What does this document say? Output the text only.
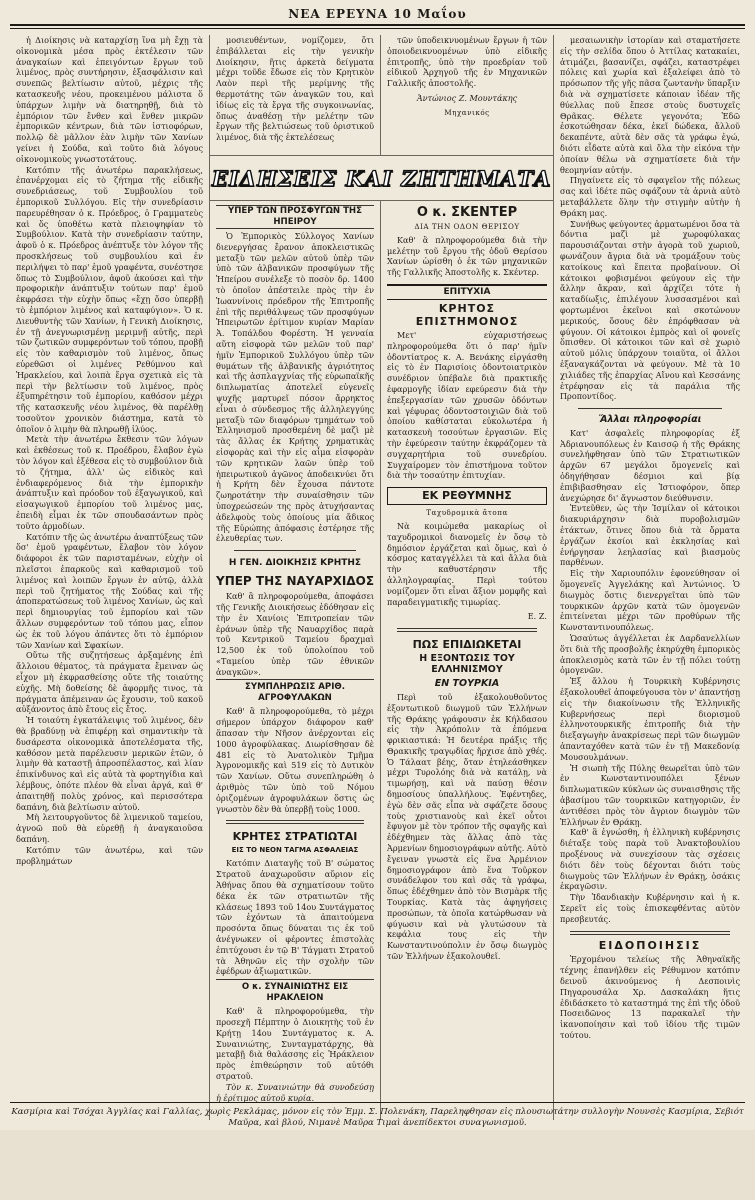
ΝΕΑ ΕΡΕΥΝΑ 10 Μαΐου

ἡ Διοίκησις νὰ καταρχίσῃ ἵνα μὴ ἔχῃ τὰ οἰκονομικὰ μέσα πρὸς ἐκτέλεσιν τῶν ἀναγκαίων καὶ ἐπειγόντων ἔργων τοῦ λιμένος, πρὸς συντήρησιν, ἐξασφάλισιν καὶ συνεπῶς βελτίωσιν αὐτοῦ, μέχρις τῆς κατασκευῆς νέου, προκειμένου μάλιστα ὅ ὑπάρχων λιμὴν νὰ διατηρηθῇ, διὰ τὸ ἐμπόριον τῶν ἔνθεν καὶ ἔνθεν μικρῶν ἐμπορικῶν κέντρων, διὰ τῶν ἱστιοφόρων, πολλῷ δὲ μᾶλλον ἐὰν λιμὴν τῶν Χανίων γείνει ἡ Σούδα, καὶ τοῦτο διὰ λόγους οἰκονομικοὺς γνωστοτάτους.

Κατόπιν τῆς ἀνωτέρω παρακλήσεως, ἐπανέρχομαι εἰς τὸ ζήτημα τῆς εἰδικῆς συνεδριάσεως, τοῦ Συμβουλίου τοῦ ἐμπορικοῦ Συλλόγου. Εἰς τὴν συνεδρίασιν παρευρέθησαν ὁ κ. Πρόεδρος, ὁ Γραμματεὺς καὶ ὅς ὑποθέτω κατὰ πλειοψηφίαν τὸ Συμβούλιον. Κατὰ τὴν συνεδρίασιν ταύτην, ἀφοῦ ὁ κ. Πρόεδρος ἀνέπτυξε τὸν λόγον τῆς προσκλήσεως τοῦ συμβουλίου καὶ ἐν περιλήψει τὸ παρ' ἐμοῦ γραφέντα, συνέστησε ὅπως τὸ Συμβούλιον, ἀφοῦ ἀκούσει καὶ τὴν προφορικὴν ἀνάπτυξιν τούτων παρ' ἐμοῦ ἐκφράσει τὴν εὐχὴν ὅπως «ἔχῃ ὅσο ὑπερβῇ τὸ ἐμπόριον λιμένος καὶ καταφύγιον». Ὁ κ. Διευθυντὴς τῶν Χανίων, ἡ Γενικὴ Διοίκησις, ἐν τῇ ἀνεγνωρισμένῃ μεριμνῇ αὐτῆς, περὶ τῶν ζωτικῶν συμφερόντων τοῦ τόπου, προβῇ εἰς τὸν καθαρισμὸν τοῦ λιμένος, ὅπως εὑρεθῶσι οἱ λιμένες Ρεθύμνου καὶ Ἡρακλείου, καὶ λοιπὰ ἔργα σχετικὰ εἰς τὰ περὶ τὴν βελτίωσιν τοῦ λιμένος, πρὸς ἐξυπηρέτησιν τοῦ ἐμπορίου, καθόσον μέχρι τῆς κατασκευῆς νέου λιμένος, θὰ παρέλθῃ τοσοῦτον χρονικὸν διάστημα, κατὰ τὸ ὁποῖον ὁ λιμὴν θὰ πληρωθῇ ἰλύος.

Μετὰ τὴν ἀνωτέρω ἔκθεσιν τῶν λόγων καὶ ἐκθέσεως τοῦ κ. Προέδρου, ἔλαβον ἐγὼ τὸν λόγον καὶ ἐξέθεσα εἰς τὸ συμβούλιον διὰ τὸ ζήτημα, ἀλλ' ὡς εἰδικὸς καὶ ἐνδιαφερόμενος διὰ τὴν ἐμπορικὴν ἀνάπτυξιν καὶ πρόοδον τοῦ ἐξαγωγικοῦ, καὶ εἰσαγωγικοῦ ἐμπορίου τοῦ λιμένος μας, ἐπειδὴ εἶμαι ἐκ τῶν σπουδασάντων πρὸς τοῦτο ἀρμοδίων.

Κατόπιν τῆς ὡς ἀνωτέρω ἀναπτύξεως τῶν ὅσ' ἐμοῦ γραφέντων, ἔλαβον τὸν λόγον διάφοροι ἐκ τῶν παρισταμένων, εὐχὴν οἱ πλεῖστοι ἐπαρκοῦς καὶ καθαρισμοῦ τοῦ λιμένος καὶ λοιπῶν ἔργων ἐν αὐτῷ, ἀλλὰ περὶ τοῦ ζητήματος τῆς Σούδας καὶ τῆς ἀποπερατώσεως τοῦ λιμένος Χανίων, ὡς καὶ περὶ δημιουργίας τοῦ ἐμπορίου καὶ τῶν ἄλλων συμφερόντων τοῦ τόπου μας, εἶπον ὡς ἐκ τοῦ λόγου ἀπάντες ὅτι τὸ ἐμπόριον τῶν Χανίων καὶ Σφακίων.

Οὕτω τῆς συζητήσεως ἀρξαμένης ἐπὶ ἄλλοιου θέματος, τὰ πράγματα ἔμειναν ὡς εἶχον μὴ ἐκφρασθείσης οὔτε τῆς τοιαύτης εὐχῆς. Μὴ δοθείσης δὲ ἀφορμῆς τινος, τὰ πράγματα ἀπέμειναν ὡς ἔχουσιν, τοῦ κακοῦ αὐξάνοντος ἀπὸ ἔτους εἰς ἔτος.

Ἡ τοιαύτη ἐγκατάλειψις τοῦ λιμένος, δὲν θὰ βραδύνῃ νὰ ἐπιφέρῃ καὶ σημαντικὴν τὰ δυσάρεστα οἰκονομικὰ ἀποτελέσματα τῆς, καθόσον μετὰ παρέλευσιν μερικῶν ἐτῶν, ὁ λιμὴν θὰ καταστῇ ἀπροσπέλαστος, καὶ λίαν ἐπικίνδυνος καὶ εἰς αὐτὰ τὰ φορτηγίδια καὶ λέμβους, ὁπότε πλέον θὰ εἶναι ἀργά, καὶ θ' ἀπαιτηθῇ πολὺς χρόνος, καὶ περισσότερα δαπάνη, διὰ βελτίωσιν αὐτοῦ.

Μὴ λειτουργοῦντος δὲ λιμενικοῦ ταμείου, ἀγνοῶ ποῦ θὰ εὑρεθῇ ἡ ἀναγκαιοῦσα δαπάνη.

Κατόπιν τῶν ἀνωτέρω, καὶ τῶν προβλημάτων

μοσιευθέντων, νομίζομεν, ὅτι ἐπιβάλλεται εἰς τὴν γενικὴν Διοίκησιν, ἥτις ἀρκετὰ δείγματα μέχρι τοῦδε ἔδωσε εἰς τὸν Κρητικὸν Λαὸν περὶ τῆς μερίμνης τῆς θερμοτάτης τῶν ἀναγκῶν του, καὶ ἰδίως εἰς τὰ ἔργα τῆς συγκοινωνίας, ὅπως ἀναθέσῃ τὴν μελέτην τῶν ἔργων τῆς βελτιώσεως τοῦ ὁριστικοῦ λιμένος, διὰ τῆς ἐκτελέσεως

τῶν ὑποδεικνυομένων ἔργων ἡ τῶν ὁποιοδεικνυομένων ὑπὸ εἰδικῆς ἐπιτροπῆς, ὑπὸ τὴν προεδρίαν τοῦ εἰδικοῦ Ἀρχηγοῦ τῆς ἐν Μηχανικῶν Γαλλικῆς ἀποστολῆς.

Ἀντώνιος Ζ. Μουντάκης
Μηχανικός
ΕΙΔΗΣΕΙΣ ΚΑΙ ΖΗΤΗΜΑΤΑ
ΥΠΕΡ ΤΩΝ ΠΡΟΣΦΥΓΩΝ ΤΗΣ ΗΠΕΙΡΟΥ

Ὁ Ἐμπορικὸς Σύλλογος Χανίων διενεργήσας ἔρανον ἀποκλειστικῶς μεταξὺ τῶν μελῶν αὐτοῦ ὑπὲρ τῶν ὑπὸ τῶν ἀλβανικῶν προσφύγων τῆς Ἠπείρου συνέλεξε τὸ ποσὸν δρ. 1400 τὸ ὁποῖον ἀπέστειλε πρὸς τὴν ἐν Ἰωαννίνοις πρόεδρον τῆς Ἐπιτροπῆς ἐπὶ τῆς περιθάλψεως τῶν προσφύγων Ἠπειρωτῶν ἐρίτιμον κυρίαν Μαρίαν Ἀ. Τοπάλδου Φορέστη. Ἡ γενναία αὕτη εἰσφορὰ τῶν μελῶν τοῦ παρ' ἡμῖν Ἐμπορικοῦ Συλλόγου ὑπὲρ τῶν θυμάτων τῆς ἀλβανικῆς ἀγριότητος καὶ τῆς ἀσπλαγχνίας τῆς εὐρωπαϊκῆς διπλωματίας ἀποτελεῖ εὐγενεῖς ψυχῆς μαρτυρεῖ πόσον ἄρρηκτος εἶναι ὁ σύνδεσμος τῆς ἀλληλεγγύης μεταξὺ τῶν διαφόρων τμημάτων τοῦ Ἑλληνισμοῦ προσθεμένη δὲ μαζὶ μὲ τὰς ἄλλας ἐκ Κρήτης χρηματικὰς εἰσφορὰς καὶ τὴν εἰς αἷμα εἰσφορὰν τῶν κρητικῶν λαῶν ὑπὲρ τοῦ ἠπειρωτικοῦ ἀγῶνος ἀποδεικνύει ὅτι ἡ Κρήτη δὲν ἔχουσα πάντοτε ζωηροτάτην τὴν συναίσθησιν τῶν ὑποχρεώσεών της πρὸς ἀτυχήσαντας ἀδελφοὺς τοὺς ὁποίους μία ἄδικος τῆς Εὐρώπης ἀπόφασις ἐστέρησε τῆς ἐλευθερίας των.

Η ΓΕΝ. ΔΙΟΙΚΗΣΙΣ ΚΡΗΤΗΣ
ΥΠΕΡ ΤΗΣ ΝΑΥΑΡΧΙΔΟΣ

Καθ' ἃ πληροφορούμεθα, ἀποφάσει τῆς Γενικῆς Διοικήσεως ἐδόθησαν εἰς τὴν ἐν Χανίοις Ἐπιτροπείαν τῶν ἐράνων ὑπὲρ τῆς Ναυαρχίδος παρὰ τοῦ Κεντρικοῦ Ταμείου δραχμαὶ 12,500 ἐκ τοῦ ὑπολοίπου τοῦ «Ταμείου ὑπὲρ τῶν ἐθνικῶν ἀναγκῶν».

ΣΥΜΠΛΗΡΩΣΙΣ ΑΡΙΘ. ΑΓΡΟΦΥΛΑΚΩΝ

Καθ' ἃ πληροφορούμεθα, τὸ μέχρι σήμερον ὑπάρχον διάφορον καθ' ἅπασαν τὴν Νῆσον ἀνέρχονται εἰς 1000 ἀγροφύλακας. Διωρίσθησαν δὲ 481 εἰς τὸ Ἀνατολικὸν Τμῆμα Ἀγρονομικῆς καὶ 519 εἰς τὸ Δυτικὸν τῶν Χανίων. Οὕτω συνεπληρώθη ὁ ἀριθμὸς τῶν ὑπὸ τοῦ Νόμου ὁριζομένων ἀγροφυλάκων ὅστις ὡς γνωστὸν δὲν θὰ ὑπερβῇ τοὺς 1000.

ΚΡΗΤΕΣ ΣΤΡΑΤΙΩΤΑΙ
ΕΙΣ ΤΟ ΝΕΟΝ ΤΑΓΜΑ ΑΣΦΑΛΕΙΑΣ

Κατόπιν Διαταγῆς τοῦ Β' σώματος Στρατοῦ ἀναχωροῦσιν αὔριον εἰς Ἀθήνας ὅπου θὰ σχηματίσουν τοῦτο δέκα ἐκ τῶν στρατιωτῶν τῆς κλάσεως 1893 τοῦ 14ου Συντάγματος τῶν ἐχόντων τὰ ἀπαιτούμενα προσόντα ὅπως δύναται τις ἐκ τοῦ ἀνέγνωκεν οἱ φέροντες ἐπιστολὰς ἐπιτύχουσι ἐν τῷ Β' Τάγματι Στρατοῦ τὰ Ἀθηνῶν εἰς τὴν σχολὴν τῶν ἐφέδρων ἀξιωματικῶν.

Ο κ. ΣΥΝΑΙΝΙΩΤΗΣ ΕΙΣ ΗΡΑΚΛΕΙΟΝ

Καθ' ἃ πληροφορούμεθα, τὴν προσεχῆ Πέμπτην ὁ Διοικητὴς τοῦ ἐν Κρήτῃ 14ου Συντάγματος κ. Α. Συναινιώτης, Συνταγματάρχης, θὰ μεταβῇ διὰ θαλάσσης εἰς Ἡράκλειον πρὸς ἐπιθεώρησιν τοῦ αὐτόθι στρατοῦ.

Τὸν κ. Συναινιώτην θὰ συνοδεύσῃ ἡ ἐρίτιμος αὐτοῦ κυρία.

Ο κ. ΣΚΕΝΤΕΡ
ΔΙΑ ΤΗΝ ΟΔΟΝ ΘΕΡΙΣΟΥ

Καθ' ἃ πληροφορούμεθα διὰ τὴν μελέτην τοῦ ἔργου τῆς ὁδοῦ Θερίσου Χανίων ὡρίσθη ὁ ἐκ τῶν μηχανικῶν τῆς Γαλλικῆς Ἀποστολῆς κ. Σκέντερ.

ΕΠΙΤΥΧΙΑ
ΚΡΗΤΟΣ ΕΠΙΣΤΗΜΟΝΟΣ

Μετ' εὐχαριστήσεως πληροφορούμεθα ὅτι ὁ παρ' ἡμῖν ὀδοντίατρος κ. Α. Βενάκης εἰργάσθη εἰς τὸ ἐν Παρισίοις ὀδοντοιατρικὸν συνέδριον ὑπέβαλε διὰ πρακτικῆς ἐφαρμογῆς ἰδίαν εφεύρεσιν διὰ τὴν ἐπεξεργασίαν τῶν χρυσῶν ὀδόντων καὶ γέφυρας ὀδοντοστοιχιῶν διὰ τοῦ ὁποίου καθίσταται εὐκολωτέρα ἡ κατασκευὴ τοσούτων ἐργασιῶν. Εἰς τὴν ἐφεύρεσιν ταύτην ἐκφράζομεν τὰ συγχαρητήρια τοῦ συνεδρίου. Συγχαίρομεν τὸν ἐπιστήμονα τοῦτον διὰ τὴν τοσαύτην ἐπιτυχίαν.

ΕΚ ΡΕΘΥΜΝΗΣ
Ταχυδρομικὰ ἄτοπα

Νὰ κοιμώμεθα μακαρίως οἱ ταχυδρομικοὶ διανομεῖς ἐν ὅσῳ τὸ δημόσιον ἐργάζεται καὶ ὅμως, καὶ ὁ κόσμος καταγγέλλει τὰ καὶ ἄλλα διὰ τὴν καθυστέρησιν τῆς ἀλληλογραφίας. Περὶ τούτου νομίζομεν ὅτι εἶναι ἄξιον μομφῆς καὶ παραδειγματικῆς τιμωρίας.

Ε. Ζ.
ΠΩΣ ΕΠΙΔΙΩΚΕΤΑΙ
Η ΕΞΟΝΤΩΣΙΣ ΤΟΥ ΕΛΛΗΝΙΣΜΟΥ
ΕΝ ΤΟΥΡΚΙΑ

Περὶ τοῦ ἐξακολουθοῦντος ἐξοντωτικοῦ διωγμοῦ τῶν Ἑλλήνων τῆς Θράκης γράφουσιν ἐκ Κήλδασου εἰς τὴν Ἀκρόπολιν τὰ ἑπόμενα φρικιαστικά: Ἡ δευτέρα πράξις τῆς Θρακικῆς τραγῳδίας ἤρχισε ἀπὸ χθές. Ὁ Τάλαατ βέης, ὅταν ἐτηλεάσθηκεν μέχρι Τυρολόης διὰ νὰ κατάλῃ, νὰ τιμωρήσῃ, καὶ νὰ παύσῃ θέσιν δημοσίους ὑπαλλήλους. Ἐφέντηδες, ἐγὼ δὲν σᾶς εἶπα νὰ σφάζετε ὅσους τοὺς χριστιανοὺς καὶ ἐκεῖ οὗτοι ἔφυγον μὲ τὸν τρόπον τῆς σφαγῆς καὶ ἐδέχθημεν τὰς ἄλλας ἀπὸ τὰς Ἀρμενίων δημοσιογράφων αὐτῆς. Αὐτὸ ἔγειναν γνωστὰ εἰς ἕνα Ἀρμένιον δημοσιογράφον ἀπὸ ἕνα Τοῦρκον συνάδελφον του καὶ σᾶς τὰ γράφω, ὅπως ἐδέχθημεν ἀπὸ τὸν Βισμὰρκ τῆς Τουρκίας. Κατὰ τὰς ἀφηγήσεις προσώπων, τὰ ὁποῖα κατώρθωσαν νὰ φύγωσιν καὶ νὰ γλυτώσουν τὰ κεφάλια τους εἰς τὴν Κωνσταντινούπολιν ἐν ὅσῳ διωγμὸς τῶν Ἑλλήνων ἐξακολουθεῖ.

μεσαιωνικὴν ἱστορίαν καὶ σταματήσετε εἰς τὴν σελίδα ὅπου ὁ Ἀττίλας κατακαίει, ἀτιμάζει, βασανίζει, σφάζει, καταστρέφει πόλεις καὶ χωρία καὶ ἐξαλείφει ἀπὸ τὸ πρόσωπον τῆς γῆς πᾶσα ζωντανὴν ὕπαρξιν διὰ νὰ σχηματίσετε κάποιαν ἰδέαν τῆς θύελλας ποῦ ἔπεσε στοὺς δυστυχεῖς Θρᾶκας. Θέλετε γεγονότα; Ἐδῶ ἐσκοτώθησαν δέκα, ἐκεῖ δώδεκα, ἄλλοῦ δεκαπέντε, αὐτὰ δὲν σᾶς τὰ γράφω ἐγώ, διότι εἶδατε αὐτὰ καὶ ὅλα τὴν εἰκόνα τὴν ὁποίαν θέλω νὰ σχηματίσετε διὰ τὴν θεομηνίαν αὐτήν.

Πηγαίνετε εἰς τὸ σφαγεῖον τῆς πόλεως σας καὶ ἰδέτε πῶς σφάζουν τὰ ἀρνιὰ αὐτὸ μεταβάλλετε ὅλην τὴν στιγμὴν αὐτὴν ἡ Θράκη μας.

Συνήθως φεύγοντες ἁρματωμένοι ὅσα τὰ δόντια μαζὶ μὲ χωροφύλακας παρουσιάζονται στὴν ἀγορὰ τοῦ χωριοῦ, φωνάζουν ἄγρια διὰ νὰ τρομάξουν τοὺς κατοίκους καὶ ἔπειτα προβαίνουν. Οἱ κάτοικοι φοβισμένοι φεύγουν εἰς τὴν ἄλλην ἄκραν, καὶ ἀρχίζει τότε ἡ καταδίωξις, ἐπιλέγουν λυσσασμένοι καὶ φορτωμένοι ἐκεῖνοι καὶ σκοτώνουν μερικούς, ὅσους δὲν ἐπρόφθασαν νὰ φύγουν. Οἱ κάτοικοι ἐμπρὸς καὶ οἱ φονεῖς ὅπισθεν. Οἱ κάτοικοι τῶν καὶ σὲ χωριὸ αὐτοῦ μόλις ὑπάρχουν τοιαῦτα, οἱ ἄλλοι ἐξαναγκάζονται νὰ φεύγουν. Μὲ τὰ 10 χιλιάδες τῆς ἐπαρχίας Αἴνου καὶ Κεσσάνης ἐτρέφησαν εἰς τὰ παράλια τῆς Προποντίδος.

Ἄλλαι πληροφορίαι

Κατ' ἀσφαλεῖς πληροφορίας ἐξ Ἀδριανουπόλεως ἐν Καισσῷ ἡ τῆς Θράκης συνελήφθησαν ὑπὸ τῶν Στρατιωτικῶν ἀρχῶν 67 μεγάλοι ὅμογενεῖς καὶ ὁδηγήθησαν δέσμιοι καὶ βίᾳ ἐπιβιβασθησαν εἰς Ἰστιοφόρον, ὅπερ ἀνεχώρησε δι' ἄγνωστον διεύθυνσιν.

Ἐντεῦθεν, ὡς τὴν Ἰσμίλαν οἱ κάτοικοι διακυριάρχησιν διὰ πυροβολισμῶν ἐτάκτων, ὅτινες ὅπου διὰ τὰ ὄρματα ἐργάζων ἐκσίοι καὶ ἐκκλησίας καὶ ἐνήργησαν λεηλασίας καὶ βιασμοὺς παρθένων.

Εἰς τὴν Χαριουπόλιν ἐφονεύθησαν οἱ ὅμογενεῖς Ἀγγελάκης καὶ Ἀντώνιος. Ὁ διωγμὸς ὅστις διενεργεῖται ὑπὸ τῶν τουρκικῶν ἀρχῶν κατὰ τῶν ὁμογενῶν ἐπιτείνεται μέχρι τῶν προθύρων τῆς Κωνσταντινουπόλεως.

Ὡσαύτως ἀγγέλλεται ἐκ Δαρδανελλίων ὅτι διὰ τῆς προσβολῆς ἐκηρύχθη ἐμπορικὸς ἀποκλεισμὸς κατὰ τῶν ἐν τῇ πόλει τούτῃ ὁμογενῶν.

Ἐξ ἄλλου ἡ Τουρκικὴ Κυβέρνησις ἐξακολουθεῖ ἀποφεύγουσα τὸν ν' ἀπαντήσῃ εἰς τὴν διακοίνωσιν τῆς Ἑλληνικῆς Κυβερνήσεως περὶ διορισμοῦ ἑλληνοτουρκικῆς ἐπιτροπῆς διὰ τὴν διεξαγωγὴν ἀνακρίσεως περὶ τῶν διωγμῶν ἀπανταχόθεν κατὰ τῶν ἐν τῇ Μακεδονίᾳ Μουσουλμάνων.

Ἡ σιωπὴ τῆς Πύλης θεωρεῖται ὑπὸ τῶν ἐν Κωνσταντινουπόλει ξένων διπλωματικῶν κύκλων ὡς συναισθησις τῆς ἀβασίμου τῶν τουρκικῶν κατηγοριῶν, ἐν ἀντιθέσει πρὸς τὸν ἄγριον διωγμὸν τῶν Ἑλλήνων ἐν Θράκῃ.

Καθ' ἃ ἐγνώσθη, ἡ ἑλληνικὴ κυβέρνησις διέταξε τοὺς παρὰ τοῦ Ἀνακτοβουλίου προξένους νὰ συνεχίσουν τὰς σχέσεις διότι δὲν τοὺς δέχονται διότι τοὺς διωγμοὺς τῶν Ἑλλήνων ἐν Θράκῃ, ὁσάκις ἐκραγῶσιν.

Τὴν Ἰδανδιακὴν Κυβέρνησιν καὶ ἡ κ. Σερεῖτ εἰς τοὺς ἐπισκεφθέντας αὐτὸν πρεσβευτάς.

ΕΙΔΟΠΟΙΗΣΙΣ

Ἐρχομένου τελείως τῆς Ἀθηναϊκῆς τέχνης ἐπανήλθεν εἰς Ρέθυμνον κατόπιν δεινοῦ ἀκινούμενος ἡ Δεσποινὶς Πηγαρουσάλα Χρ. Δασκαλάκη ἥτις ἐδιδάσκετο τὸ καταστημά της ἐπὶ τῆς ὁδοῦ Ποσειδῶνος 13 παρακαλεῖ τὴν ἱκανοποίησιν καὶ τοῦ ἱδίου τῆς τιμῶν τούτου.

Κασμίρια καὶ Τσόχαι Ἀγγλίας καὶ Γαλλίας, χωρὶς Ρεκλάμας, μόνον εἰς τὸν Ἐμμ. Σ. Πολενάκη, Παρεληφθησαν εἰς πλουσιωτάτην συλλογὴν Νουνσὲς Κασμίρια, Σεβιότ Μαῦρα, καὶ βλού, Νιμανὲ Μαῦρα Τιμαὶ ἀνεπίδεκτοι συναγωνισμοῦ.
